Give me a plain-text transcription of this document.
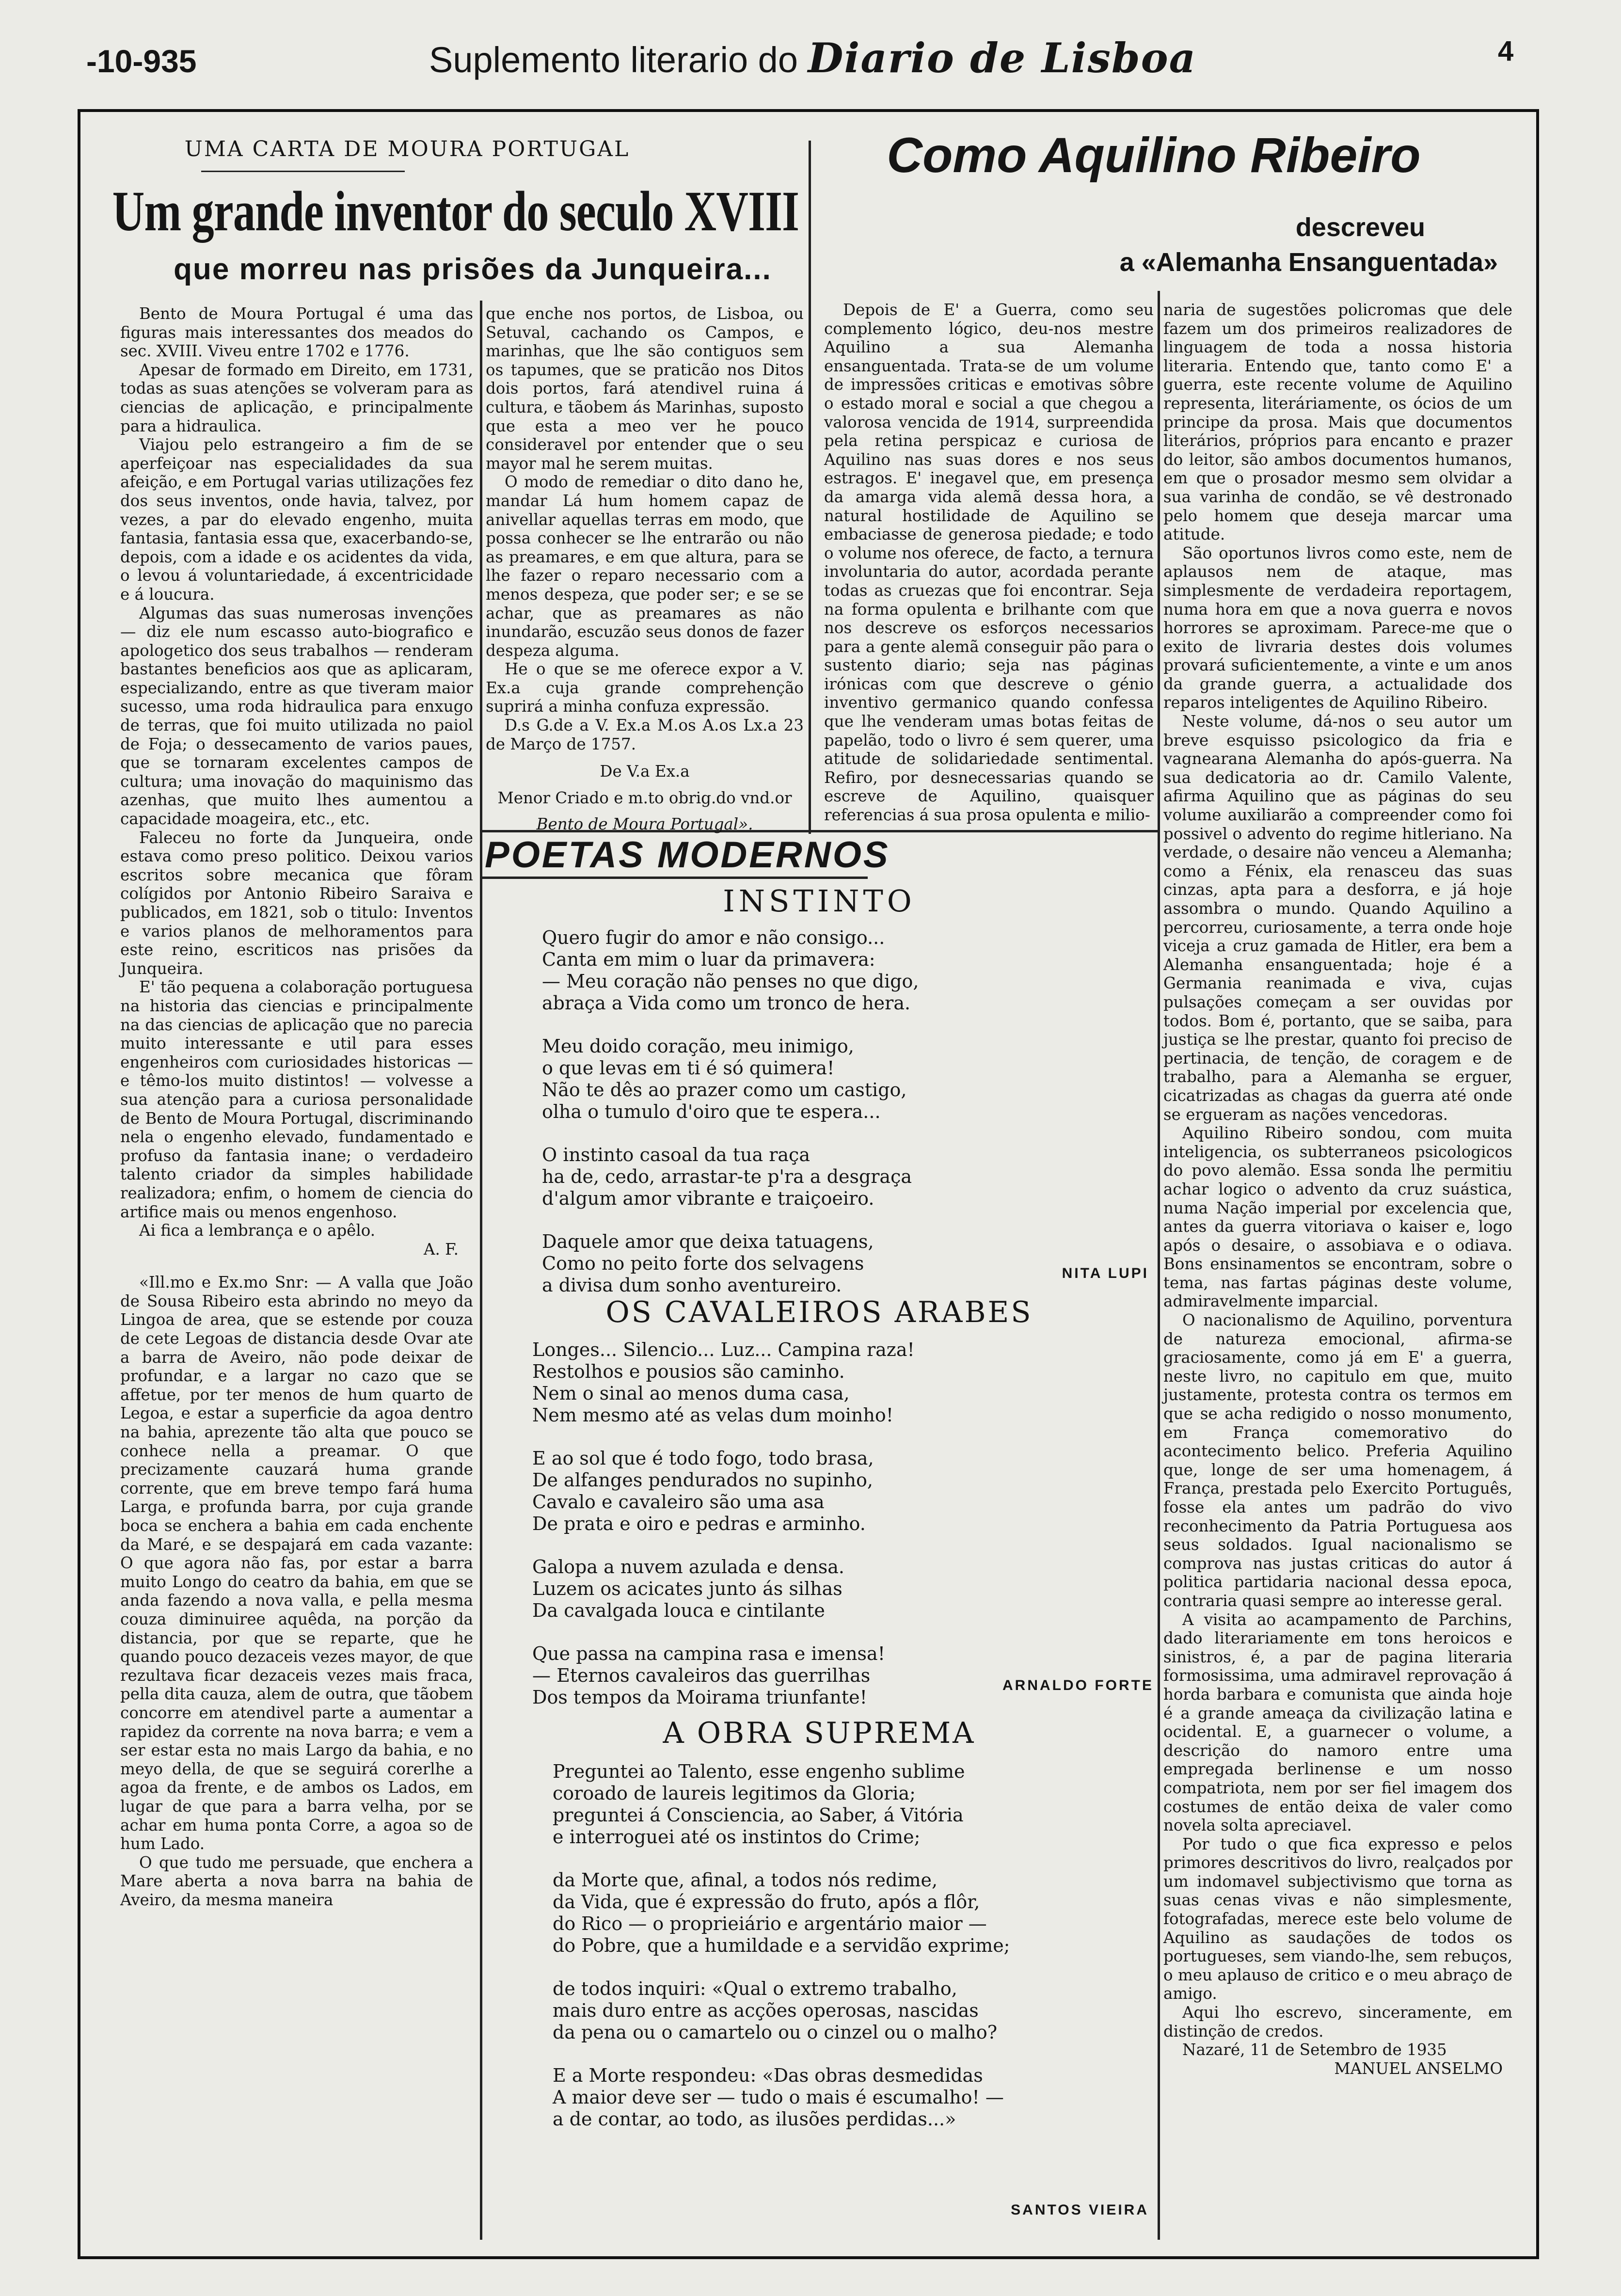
-10-935	Suplemento literario do Diario de Lisboa	4
UMA CARTA DE MOURA PORTUGAL
Um grande inventor do seculo XVIII
que morreu nas prisões da Junqueira...

Bento de Moura Portugal é uma das figuras mais interessantes dos meados do sec. XVIII. Viveu entre 1702 e 1776.

Apesar de formado em Direito, em 1731, todas as suas atenções se volveram para as ciencias de aplicação, e principalmente para a hidraulica.

Viajou pelo estrangeiro a fim de se aperfeiçoar nas especialidades da sua afeição, e em Portugal varias utilizações fez dos seus inventos, onde havia, talvez, por vezes, a par do elevado engenho, muita fantasia, fantasia essa que, exacerbando-se, depois, com a idade e os acidentes da vida, o levou á voluntariedade, á excentricidade e á loucura.

Algumas das suas numerosas invenções — diz ele num escasso auto-biografico e apologetico dos seus trabalhos — renderam bastantes beneficios aos que as aplicaram, especializando, entre as que tiveram maior sucesso, uma roda hidraulica para enxugo de terras, que foi muito utilizada no paiol de Foja; o dessecamento de varios paues, que se tornaram excelentes campos de cultura; uma inovação do maquinismo das azenhas, que muito lhes aumentou a capacidade moageira, etc., etc.

Faleceu no forte da Junqueira, onde estava como preso politico. Deixou varios escritos sobre mecanica que fôram colígidos por Antonio Ribeiro Saraiva e publicados, em 1821, sob o titulo: Inventos e varios planos de melhoramentos para este reino, escriticos nas prisões da Junqueira.

E' tão pequena a colaboração portuguesa na historia das ciencias e principalmente na das ciencias de aplicação que no parecia muito interessante e util para esses engenheiros com curiosidades historicas — e têmo-los muito distintos! — volvesse a sua atenção para a curiosa personalidade de Bento de Moura Portugal, discriminando nela o engenho elevado, fundamentado e profuso da fantasia inane; o verdadeiro talento criador da simples habilidade realizadora; enfim, o homem de ciencia do artifice mais ou menos engenhoso.

Ai fica a lembrança e o apêlo.

A. F.

«Ill.mo e Ex.mo Snr: — A valla que João de Sousa Ribeiro esta abrindo no meyo da Lingoa de area, que se estende por couza de cete Legoas de distancia desde Ovar ate a barra de Aveiro, não pode deixar de profundar, e a largar no cazo que se affetue, por ter menos de hum quarto de Legoa, e estar a superficie da agoa dentro na bahia, aprezente tão alta que pouco se conhece nella a preamar. O que precizamente cauzará huma grande corrente, que em breve tempo fará huma Larga, e profunda barra, por cuja grande boca se enchera a bahia em cada enchente da Maré, e se despajará em cada vazante: O que agora não fas, por estar a barra muito Longo do ceatro da bahia, em que se anda fazendo a nova valla, e pella mesma couza diminuiree aquêda, na porção da distancia, por que se reparte, que he quando pouco dezaceis vezes mayor, de que rezultava ficar dezaceis vezes mais fraca, pella dita cauza, alem de outra, que tãobem concorre em atendivel parte a aumentar a rapidez da corrente na nova barra; e vem a ser estar esta no mais Largo da bahia, e no meyo della, de que se seguirá corerlhe a agoa da frente, e de ambos os Lados, em lugar de que para a barra velha, por se achar em huma ponta Corre, a agoa so de hum Lado.

O que tudo me persuade, que enchera a Mare aberta a nova barra na bahia de Aveiro, da mesma maneira

que enche nos portos, de Lisboa, ou Setuval, cachando os Campos, e marinhas, que lhe são contiguos sem os tapumes, que se praticão nos Ditos dois portos, fará atendivel ruina á cultura, e tãobem ás Marinhas, suposto que esta a meo ver he pouco consideravel por entender que o seu mayor mal he serem muitas.

O modo de remediar o dito dano he, mandar Lá hum homem capaz de anivellar aquellas terras em modo, que possa conhecer se lhe entrarão ou não as preamares, e em que altura, para se lhe fazer o reparo necessario com a menos despeza, que poder ser; e se se achar, que as preamares as não inundarão, escuzão seus donos de fazer despeza alguma.

He o que se me oferece expor a V. Ex.a cuja grande comprehenção suprirá a minha confuza expressão.

D.s G.de a V. Ex.a M.os A.os Lx.a 23 de Março de 1757.

De V.a Ex.a

Menor Criado e m.to obrig.do vnd.or

Bento de Moura Portugal».

Como Aquilino Ribeiro
descreveu
a «Alemanha Ensanguentada»

Depois de E' a Guerra, como seu complemento lógico, deu-nos mestre Aquilino a sua Alemanha ensanguentada. Trata-se de um volume de impressões criticas e emotivas sôbre o estado moral e social a que chegou a valorosa vencida de 1914, surpreendida pela retina perspicaz e curiosa de Aquilino nas suas dores e nos seus estragos. E' inegavel que, em presença da amarga vida alemã dessa hora, a natural hostilidade de Aquilino se embaciasse de generosa piedade; e todo o volume nos oferece, de facto, a ternura involuntaria do autor, acordada perante todas as cruezas que foi encontrar. Seja na forma opulenta e brilhante com que nos descreve os esforços necessarios para a gente alemã conseguir pão para o sustento diario; seja nas páginas irónicas com que descreve o génio inventivo germanico quando confessa que lhe venderam umas botas feitas de papelão, todo o livro é sem querer, uma atitude de solidariedade sentimental. Refiro, por desnecessarias quando se escreve de Aquilino, quaisquer referencias á sua prosa opulenta e milio-

naria de sugestões policromas que dele fazem um dos primeiros realizadores de linguagem de toda a nossa historia literaria. Entendo que, tanto como E' a guerra, este recente volume de Aquilino representa, literáriamente, os ócios de um principe da prosa. Mais que documentos literários, próprios para encanto e prazer do leitor, são ambos documentos humanos, em que o prosador mesmo sem olvidar a sua varinha de condão, se vê destronado pelo homem que deseja marcar uma atitude.

São oportunos livros como este, nem de aplausos nem de ataque, mas simplesmente de verdadeira reportagem, numa hora em que a nova guerra e novos horrores se aproximam. Parece-me que o exito de livraria destes dois volumes provará suficientemente, a vinte e um anos da grande guerra, a actualidade dos reparos inteligentes de Aquilino Ribeiro.

Neste volume, dá-nos o seu autor um breve esquisso psicologico da fria e vagnearana Alemanha do após-guerra. Na sua dedicatoria ao dr. Camilo Valente, afirma Aquilino que as páginas do seu volume auxiliarão a compreender como foi possivel o advento do regime hitleriano. Na verdade, o desaire não venceu a Alemanha; como a Fénix, ela renasceu das suas cinzas, apta para a desforra, e já hoje assombra o mundo. Quando Aquilino a percorreu, curiosamente, a terra onde hoje viceja a cruz gamada de Hitler, era bem a Alemanha ensanguentada; hoje é a Germania reanimada e viva, cujas pulsações começam a ser ouvidas por todos. Bom é, portanto, que se saiba, para justiça se lhe prestar, quanto foi preciso de pertinacia, de tenção, de coragem e de trabalho, para a Alemanha se erguer, cicatrizadas as chagas da guerra até onde se ergueram as nações vencedoras.

Aquilino Ribeiro sondou, com muita inteligencia, os subterraneos psicologicos do povo alemão. Essa sonda lhe permitiu achar logico o advento da cruz suástica, numa Nação imperial por excelencia que, antes da guerra vitoriava o kaiser e, logo após o desaire, o assobiava e o odiava. Bons ensinamentos se encontram, sobre o tema, nas fartas páginas deste volume, admiravelmente imparcial.

O nacionalismo de Aquilino, porventura de natureza emocional, afirma-se graciosamente, como já em E' a guerra, neste livro, no capitulo em que, muito justamente, protesta contra os termos em que se acha redigido o nosso monumento, em França comemorativo do acontecimento belico. Preferia Aquilino que, longe de ser uma homenagem, á França, prestada pelo Exercito Português, fosse ela antes um padrão do vivo reconhecimento da Patria Portuguesa aos seus soldados. Igual nacionalismo se comprova nas justas criticas do autor á politica partidaria nacional dessa epoca, contraria quasi sempre ao interesse geral.

A visita ao acampamento de Parchins, dado literariamente em tons heroicos e sinistros, é, a par de pagina literaria formosissima, uma admiravel reprovação á horda barbara e comunista que ainda hoje é a grande ameaça da civilização latina e ocidental. E, a guarnecer o volume, a descrição do namoro entre uma empregada berlinense e um nosso compatriota, nem por ser fiel imagem dos costumes de então deixa de valer como novela solta apreciavel.

Por tudo o que fica expresso e pelos primores descritivos do livro, realçados por um indomavel subjectivismo que torna as suas cenas vivas e não simplesmente, fotografadas, merece este belo volume de Aquilino as saudações de todos os portugueses, sem viando-lhe, sem rebuços, o meu aplauso de critico e o meu abraço de amigo.

Aqui lho escrevo, sinceramente, em distinção de credos.

Nazaré, 11 de Setembro de 1935

MANUEL ANSELMO

POETAS MODERNOS
INSTINTO
Quero fugir do amor e não consigo...
Canta em mim o luar da primavera:
— Meu coração não penses no que digo,
abraça a Vida como um tronco de hera.
Meu doido coração, meu inimigo,
o que levas em ti é só quimera!
Não te dês ao prazer como um castigo,
olha o tumulo d'oiro que te espera...
O instinto casoal da tua raça
ha de, cedo, arrastar-te p'ra a desgraça
d'algum amor vibrante e traiçoeiro.
Daquele amor que deixa tatuagens,
Como no peito forte dos selvagens
a divisa dum sonho aventureiro.
NITA LUPI
OS CAVALEIROS ARABES
Longes... Silencio... Luz... Campina raza!
Restolhos e pousios são caminho.
Nem o sinal ao menos duma casa,
Nem mesmo até as velas dum moinho!
E ao sol que é todo fogo, todo brasa,
De alfanges pendurados no supinho,
Cavalo e cavaleiro são uma asa
De prata e oiro e pedras e arminho.
Galopa a nuvem azulada e densa.
Luzem os acicates junto ás silhas
Da cavalgada louca e cintilante
Que passa na campina rasa e imensa!
— Eternos cavaleiros das guerrilhas
Dos tempos da Moirama triunfante!
ARNALDO FORTE
A OBRA SUPREMA
Preguntei ao Talento, esse engenho sublime
coroado de laureis legitimos da Gloria;
preguntei á Consciencia, ao Saber, á Vitória
e interroguei até os instintos do Crime;
da Morte que, afinal, a todos nós redime,
da Vida, que é expressão do fruto, após a flôr,
do Rico — o proprieiário e argentário maior —
do Pobre, que a humildade e a servidão exprime;
de todos inquiri: «Qual o extremo trabalho,
mais duro entre as acções operosas, nascidas
da pena ou o camartelo ou o cinzel ou o malho?
E a Morte respondeu: «Das obras desmedidas
A maior deve ser — tudo o mais é escumalho! —
a de contar, ao todo, as ilusões perdidas...»
SANTOS VIEIRA
